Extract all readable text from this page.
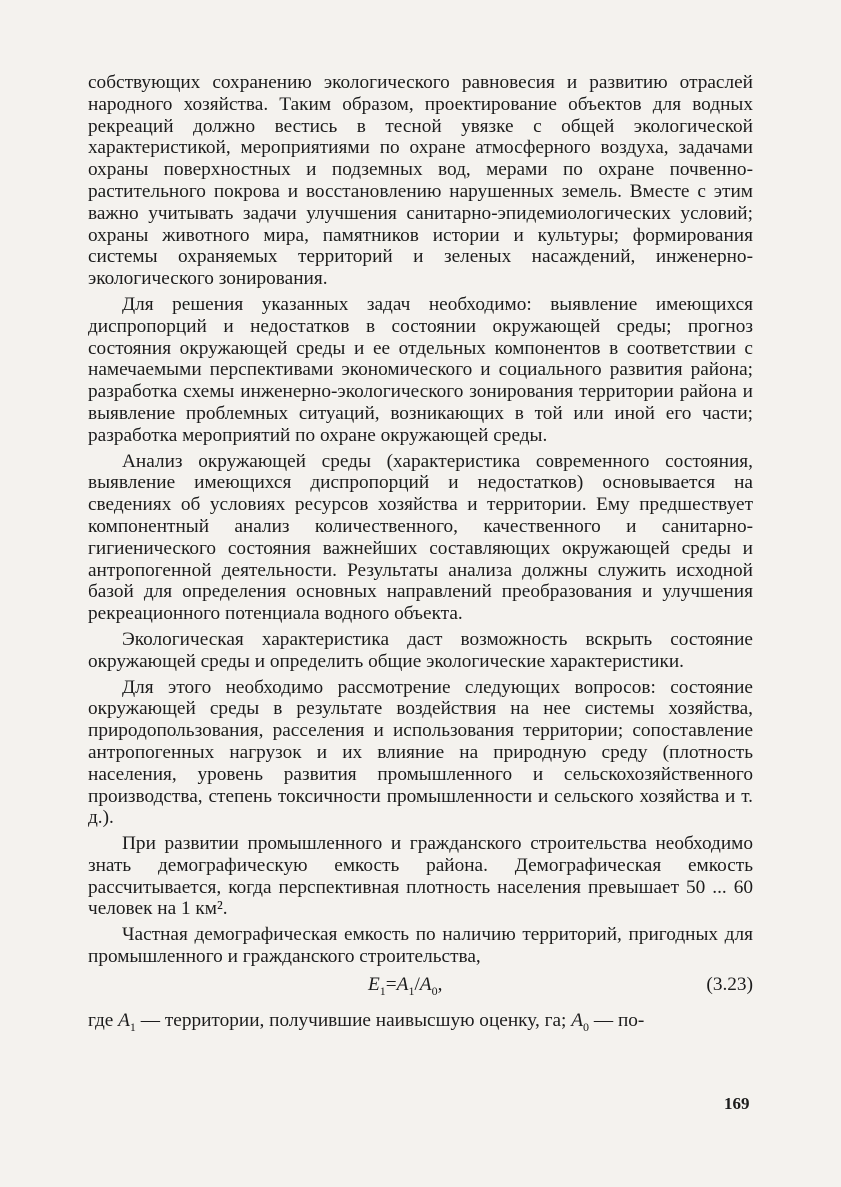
собствующих сохранению экологического равновесия и развитию отраслей народного хозяйства. Таким образом, проектирование объектов для водных рекреаций должно вестись в тесной увязке с общей экологической характеристикой, мероприятиями по охране атмосферного воздуха, задачами охраны поверхностных и подземных вод, мерами по охране почвенно-растительного покрова и восстановлению нарушенных земель. Вместе с этим важно учитывать задачи улучшения санитарно-эпидемиологических условий; охраны животного мира, памятников истории и культуры; формирования системы охраняемых территорий и зеленых насаждений, инженерно-экологического зонирования.

Для решения указанных задач необходимо: выявление имеющихся диспропорций и недостатков в состоянии окружающей среды; прогноз состояния окружающей среды и ее отдельных компонентов в соответствии с намечаемыми перспективами экономического и социального развития района; разработка схемы инженерно-экологического зонирования территории района и выявление проблемных ситуаций, возникающих в той или иной его части; разработка мероприятий по охране окружающей среды.

Анализ окружающей среды (характеристика современного состояния, выявление имеющихся диспропорций и недостатков) основывается на сведениях об условиях ресурсов хозяйства и территории. Ему предшествует компонентный анализ количественного, качественного и санитарно-гигиенического состояния важнейших составляющих окружающей среды и антропогенной деятельности. Результаты анализа должны служить исходной базой для определения основных направлений преобразования и улучшения рекреационного потенциала водного объекта.

Экологическая характеристика даст возможность вскрыть состояние окружающей среды и определить общие экологические характеристики.

Для этого необходимо рассмотрение следующих вопросов: состояние окружающей среды в результате воздействия на нее системы хозяйства, природопользования, расселения и использования территории; сопоставление антропогенных нагрузок и их влияние на природную среду (плотность населения, уровень развития промышленного и сельскохозяйственного производства, степень токсичности промышленности и сельского хозяйства и т. д.).

При развитии промышленного и гражданского строительства необходимо знать демографическую емкость района. Демографическая емкость рассчитывается, когда перспективная плотность населения превышает 50 ... 60 человек на 1 км².

Частная демографическая емкость по наличию территорий, пригодных для промышленного и гражданского строительства,

$E_1=A_1/A_0$,	(3.23)

где $A_1$ — территории, получившие наивысшую оценку, га; $A_0$ — по-

169
